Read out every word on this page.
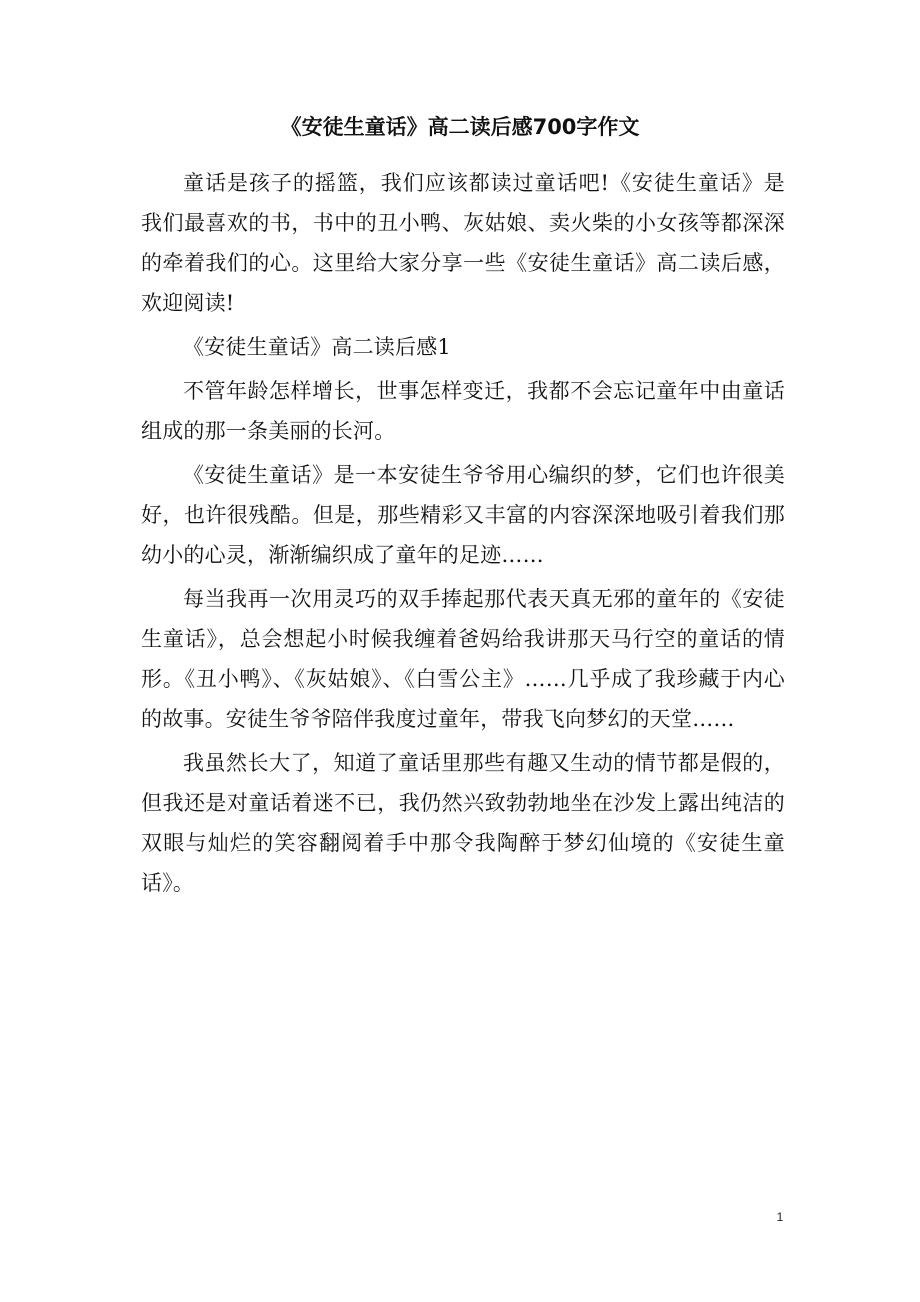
《安徒生童话》高二读后感700字作文

童话是孩子的摇篮，我们应该都读过童话吧!《安徒生童话》是我们最喜欢的书，书中的丑小鸭、灰姑娘、卖火柴的小女孩等都深深的牵着我们的心。这里给大家分享一些《安徒生童话》高二读后感，欢迎阅读!

《安徒生童话》高二读后感1

不管年龄怎样增长，世事怎样变迁，我都不会忘记童年中由童话组成的那一条美丽的长河。

《安徒生童话》是一本安徒生爷爷用心编织的梦，它们也许很美好，也许很残酷。但是，那些精彩又丰富的内容深深地吸引着我们那幼小的心灵，渐渐编织成了童年的足迹……

每当我再一次用灵巧的双手捧起那代表天真无邪的童年的《安徒生童话》，总会想起小时候我缠着爸妈给我讲那天马行空的童话的情形。《丑小鸭》、《灰姑娘》、《白雪公主》……几乎成了我珍藏于内心的故事。安徒生爷爷陪伴我度过童年，带我飞向梦幻的天堂……

我虽然长大了，知道了童话里那些有趣又生动的情节都是假的，但我还是对童话着迷不已，我仍然兴致勃勃地坐在沙发上露出纯洁的双眼与灿烂的笑容翻阅着手中那令我陶醉于梦幻仙境的《安徒生童话》。

1
